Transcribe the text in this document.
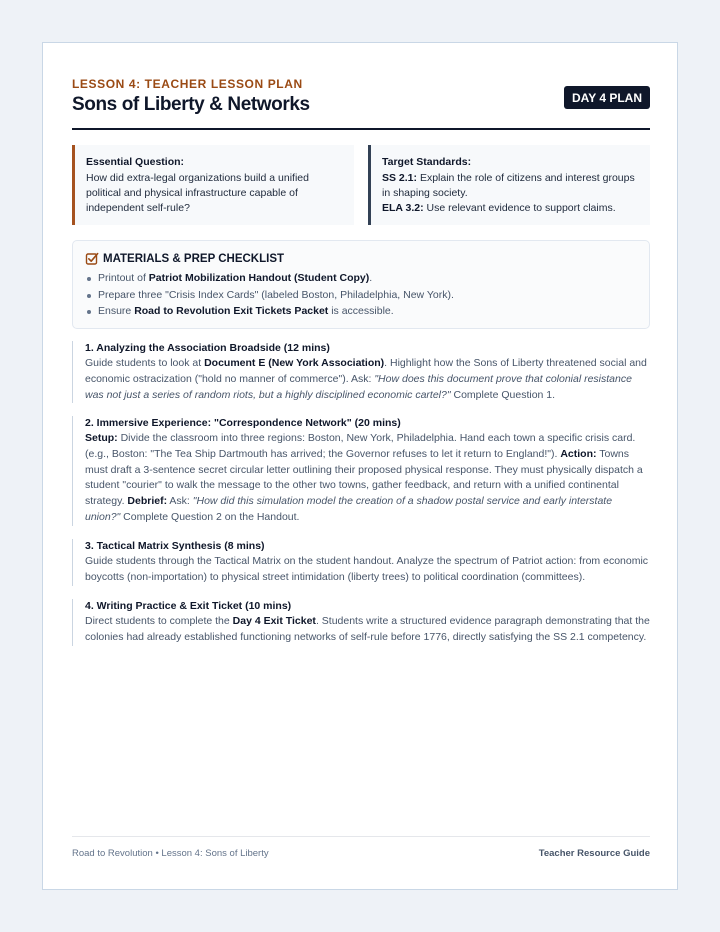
LESSON 4: TEACHER LESSON PLAN
Sons of Liberty & Networks	DAY 4 PLAN
Essential Question:

How did extra-legal organizations build a unified political and physical infrastructure capable of independent self-rule?

Target Standards:

SS 2.1: Explain the role of citizens and interest groups in shaping society.

ELA 3.2: Use relevant evidence to support claims.

MATERIALS & PREP CHECKLIST
Printout of Patriot Mobilization Handout (Student Copy).
Prepare three "Crisis Index Cards" (labeled Boston, Philadelphia, New York).
Ensure Road to Revolution Exit Tickets Packet is accessible.
1. Analyzing the Association Broadside (12 mins)

Guide students to look at Document E (New York Association). Highlight how the Sons of Liberty threatened social and economic ostracization ("hold no manner of commerce"). Ask: "How does this document prove that colonial resistance was not just a series of random riots, but a highly disciplined economic cartel?" Complete Question 1.

2. Immersive Experience: "Correspondence Network" (20 mins)

Setup: Divide the classroom into three regions: Boston, New York, Philadelphia. Hand each town a specific crisis card. (e.g., Boston: "The Tea Ship Dartmouth has arrived; the Governor refuses to let it return to England!"). Action: Towns must draft a 3-sentence secret circular letter outlining their proposed physical response. They must physically dispatch a student "courier" to walk the message to the other two towns, gather feedback, and return with a unified continental strategy. Debrief: Ask: "How did this simulation model the creation of a shadow postal service and early interstate union?" Complete Question 2 on the Handout.

3. Tactical Matrix Synthesis (8 mins)

Guide students through the Tactical Matrix on the student handout. Analyze the spectrum of Patriot action: from economic boycotts (non-importation) to physical street intimidation (liberty trees) to political coordination (committees).

4. Writing Practice & Exit Ticket (10 mins)

Direct students to complete the Day 4 Exit Ticket. Students write a structured evidence paragraph demonstrating that the colonies had already established functioning networks of self-rule before 1776, directly satisfying the SS 2.1 competency.

Road to Revolution • Lesson 4: Sons of Liberty	Teacher Resource Guide
